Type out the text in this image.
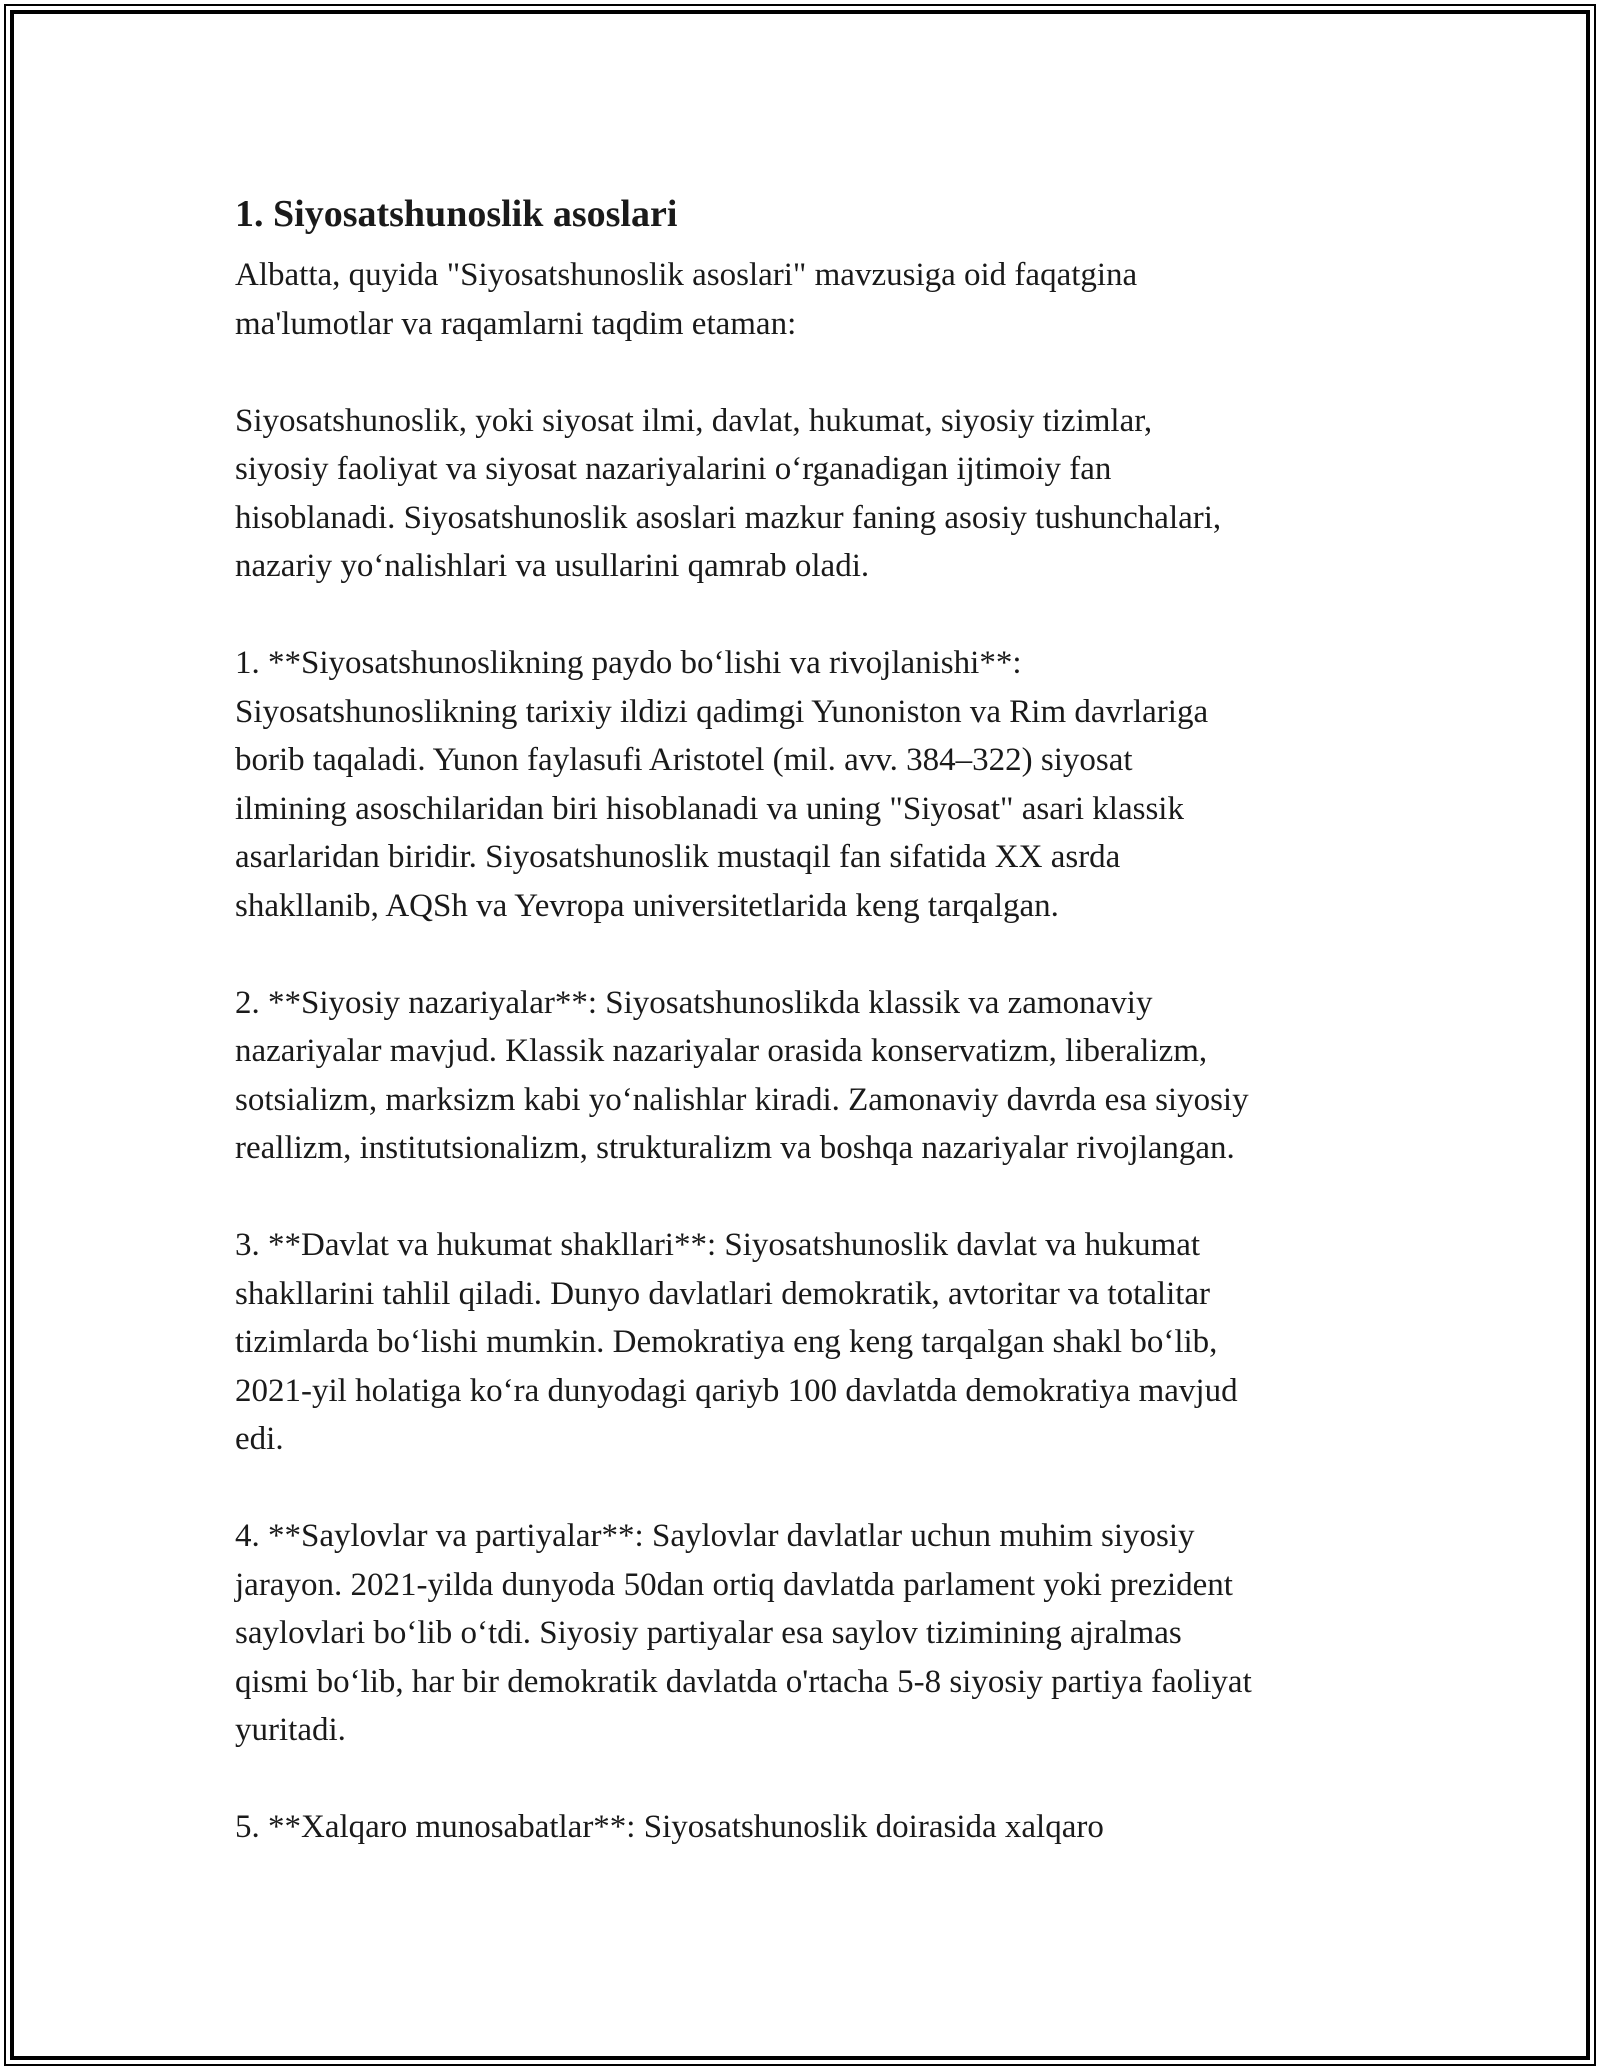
1. Siyosatshunoslik asoslari

Albatta, quyida "Siyosatshunoslik asoslari" mavzusiga oid faqatgina
ma'lumotlar va raqamlarni taqdim etaman:

Siyosatshunoslik, yoki siyosat ilmi, davlat, hukumat, siyosiy tizimlar,
siyosiy faoliyat va siyosat nazariyalarini o‘rganadigan ijtimoiy fan
hisoblanadi. Siyosatshunoslik asoslari mazkur faning asosiy tushunchalari,
nazariy yo‘nalishlari va usullarini qamrab oladi.

1. **Siyosatshunoslikning paydo bo‘lishi va rivojlanishi**:
Siyosatshunoslikning tarixiy ildizi qadimgi Yunoniston va Rim davrlariga
borib taqaladi. Yunon faylasufi Aristotel (mil. avv. 384–322) siyosat
ilmining asoschilaridan biri hisoblanadi va uning "Siyosat" asari klassik
asarlaridan biridir. Siyosatshunoslik mustaqil fan sifatida XX asrda
shakllanib, AQSh va Yevropa universitetlarida keng tarqalgan.

2. **Siyosiy nazariyalar**: Siyosatshunoslikda klassik va zamonaviy
nazariyalar mavjud. Klassik nazariyalar orasida konservatizm, liberalizm,
sotsializm, marksizm kabi yo‘nalishlar kiradi. Zamonaviy davrda esa siyosiy
reallizm, institutsionalizm, strukturalizm va boshqa nazariyalar rivojlangan.

3. **Davlat va hukumat shakllari**: Siyosatshunoslik davlat va hukumat
shakllarini tahlil qiladi. Dunyo davlatlari demokratik, avtoritar va totalitar
tizimlarda bo‘lishi mumkin. Demokratiya eng keng tarqalgan shakl bo‘lib,
2021-yil holatiga ko‘ra dunyodagi qariyb 100 davlatda demokratiya mavjud
edi.

4. **Saylovlar va partiyalar**: Saylovlar davlatlar uchun muhim siyosiy
jarayon. 2021-yilda dunyoda 50dan ortiq davlatda parlament yoki prezident
saylovlari bo‘lib o‘tdi. Siyosiy partiyalar esa saylov tizimining ajralmas
qismi bo‘lib, har bir demokratik davlatda o'rtacha 5-8 siyosiy partiya faoliyat
yuritadi.

5. **Xalqaro munosabatlar**: Siyosatshunoslik doirasida xalqaro
